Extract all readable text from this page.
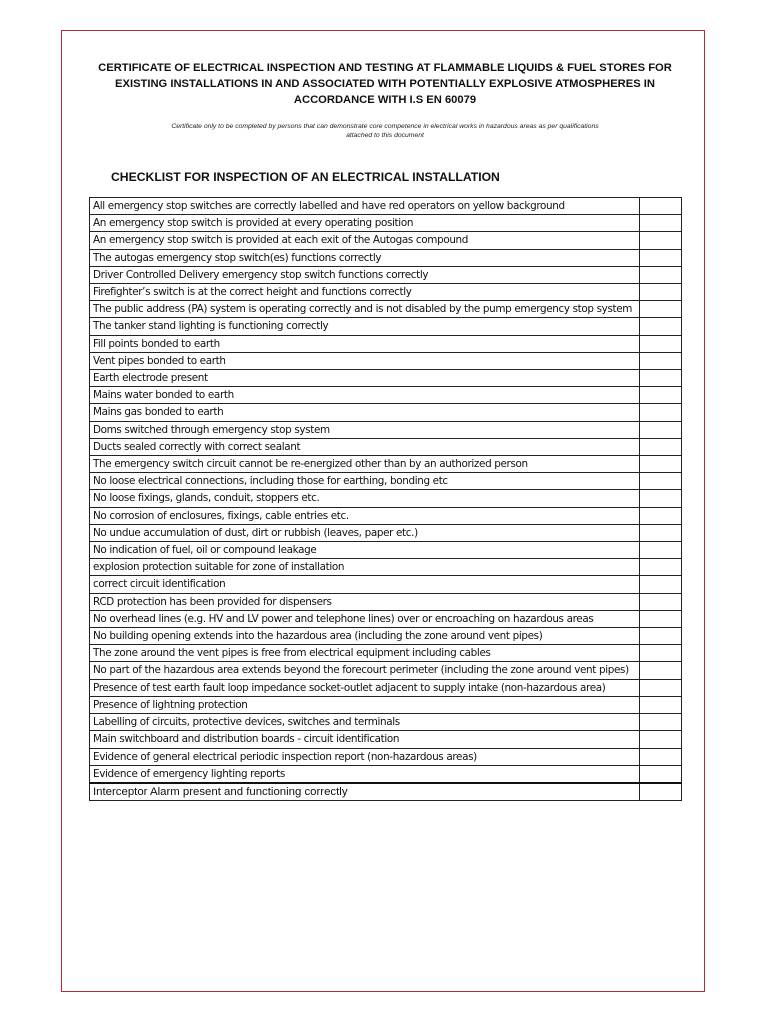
CERTIFICATE OF ELECTRICAL INSPECTION AND TESTING AT FLAMMABLE LIQUIDS & FUEL STORES FOR
EXISTING INSTALLATIONS IN AND ASSOCIATED WITH POTENTIALLY EXPLOSIVE ATMOSPHERES IN
ACCORDANCE WITH I.S EN 60079
Certificate only to be completed by persons that can demonstrate core competence in electrical works in hazardous areas as per qualifications attached to this document
CHECKLIST FOR INSPECTION OF AN ELECTRICAL INSTALLATION
All emergency stop switches are correctly labelled and have red operators on yellow background	
An emergency stop switch is provided at every operating position	
An emergency stop switch is provided at each exit of the Autogas compound	
The autogas emergency stop switch(es) functions correctly	
Driver Controlled Delivery emergency stop switch functions correctly	
Firefighter’s switch is at the correct height and functions correctly	
The public address (PA) system is operating correctly and is not disabled by the pump emergency stop system	
The tanker stand lighting is functioning correctly	
Fill points bonded to earth	
Vent pipes bonded to earth	
Earth electrode present	
Mains water bonded to earth	
Mains gas bonded to earth	
Doms switched through emergency stop system	
Ducts sealed correctly with correct sealant	
The emergency switch circuit cannot be re-energized other than by an authorized person	
No loose electrical connections, including those for earthing, bonding etc	
No loose fixings, glands, conduit, stoppers etc.	
No corrosion of enclosures, fixings, cable entries etc.	
No undue accumulation of dust, dirt or rubbish (leaves, paper etc.)	
No indication of fuel, oil or compound leakage	
explosion protection suitable for zone of installation	
correct circuit identification	
RCD protection has been provided for dispensers	
No overhead lines (e.g. HV and LV power and telephone lines) over or encroaching on hazardous areas	
No building opening extends into the hazardous area (including the zone around vent pipes)	
The zone around the vent pipes is free from electrical equipment including cables	
No part of the hazardous area extends beyond the forecourt perimeter (including the zone around vent pipes)	
Presence of test earth fault loop impedance socket-outlet adjacent to supply intake (non-hazardous area)	
Presence of lightning protection	
Labelling of circuits, protective devices, switches and terminals	
Main switchboard and distribution boards - circuit identification	
Evidence of general electrical periodic inspection report (non-hazardous areas)	
Evidence of emergency lighting reports	
Interceptor Alarm present and functioning correctly	
